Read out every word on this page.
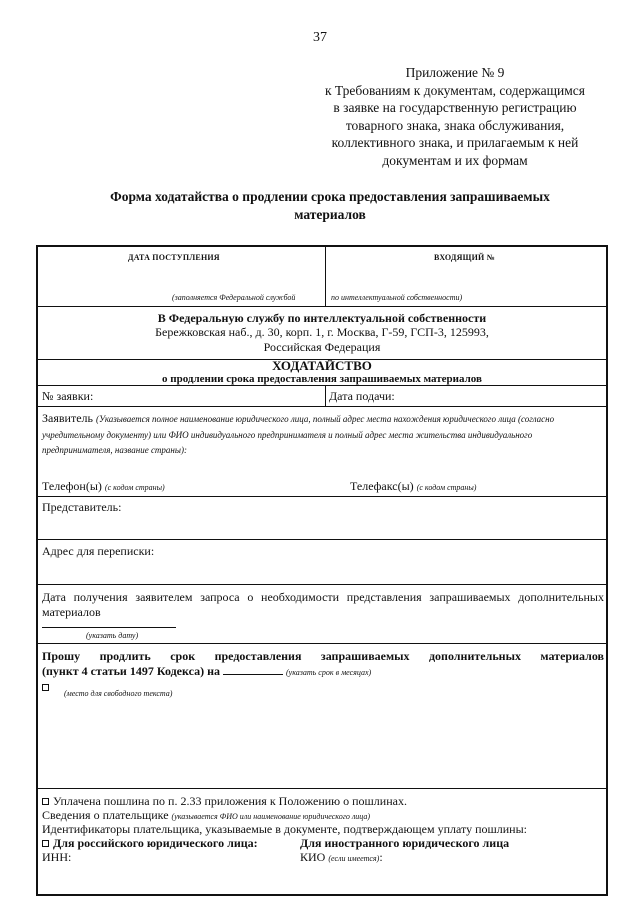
37
Приложение № 9
к Требованиям к документам, содержащимся
в заявке на государственную регистрацию
товарного знака, знака обслуживания,
коллективного знака, и прилагаемым к ней
документам и их формам
Форма ходатайства о продлении срока предоставления запрашиваемых
материалов
ДАТА ПОСТУПЛЕНИЯ	ВХОДЯЩИЙ №
(заполняется Федеральной службой	по интеллектуальной собственности)
В Федеральную службу по интеллектуальной собственности
Бережковская наб., д. 30, корп. 1, г. Москва, Г-59, ГСП-3, 125993,
Российская Федерация
ХОДАТАЙСТВО
о продлении срока предоставления запрашиваемых материалов
№ заявки:	Дата подачи:
Заявитель (Указывается полное наименование юридического лица, полный адрес места нахождения юридического лица (согласно учредительному документу) или ФИО индивидуального предпринимателя и полный адрес места жительства индивидуального предпринимателя, название страны):
Телефон(ы) (с кодом страны)	Телефакс(ы) (с кодом страны)
Представитель:
Адрес для переписки:
Дата получения заявителем запроса о необходимости представления запрашиваемых дополнительных материалов
(указать дату)
Прошу продлить срок предоставления запрашиваемых дополнительных материалов
(пункт 4 статьи 1497 Кодекса) на	(указать срок в месяцах)
(место для свободного текста)
Уплачена пошлина по п. 2.33 приложения к Положению о пошлинах.
Сведения о плательщике (указывается ФИО или наименование юридического лица)
Идентификаторы плательщика, указываемые в документе, подтверждающем уплату пошлины:
Для российского юридического лица:	Для иностранного юридического лица
ИНН:	КИО (если имеется):
